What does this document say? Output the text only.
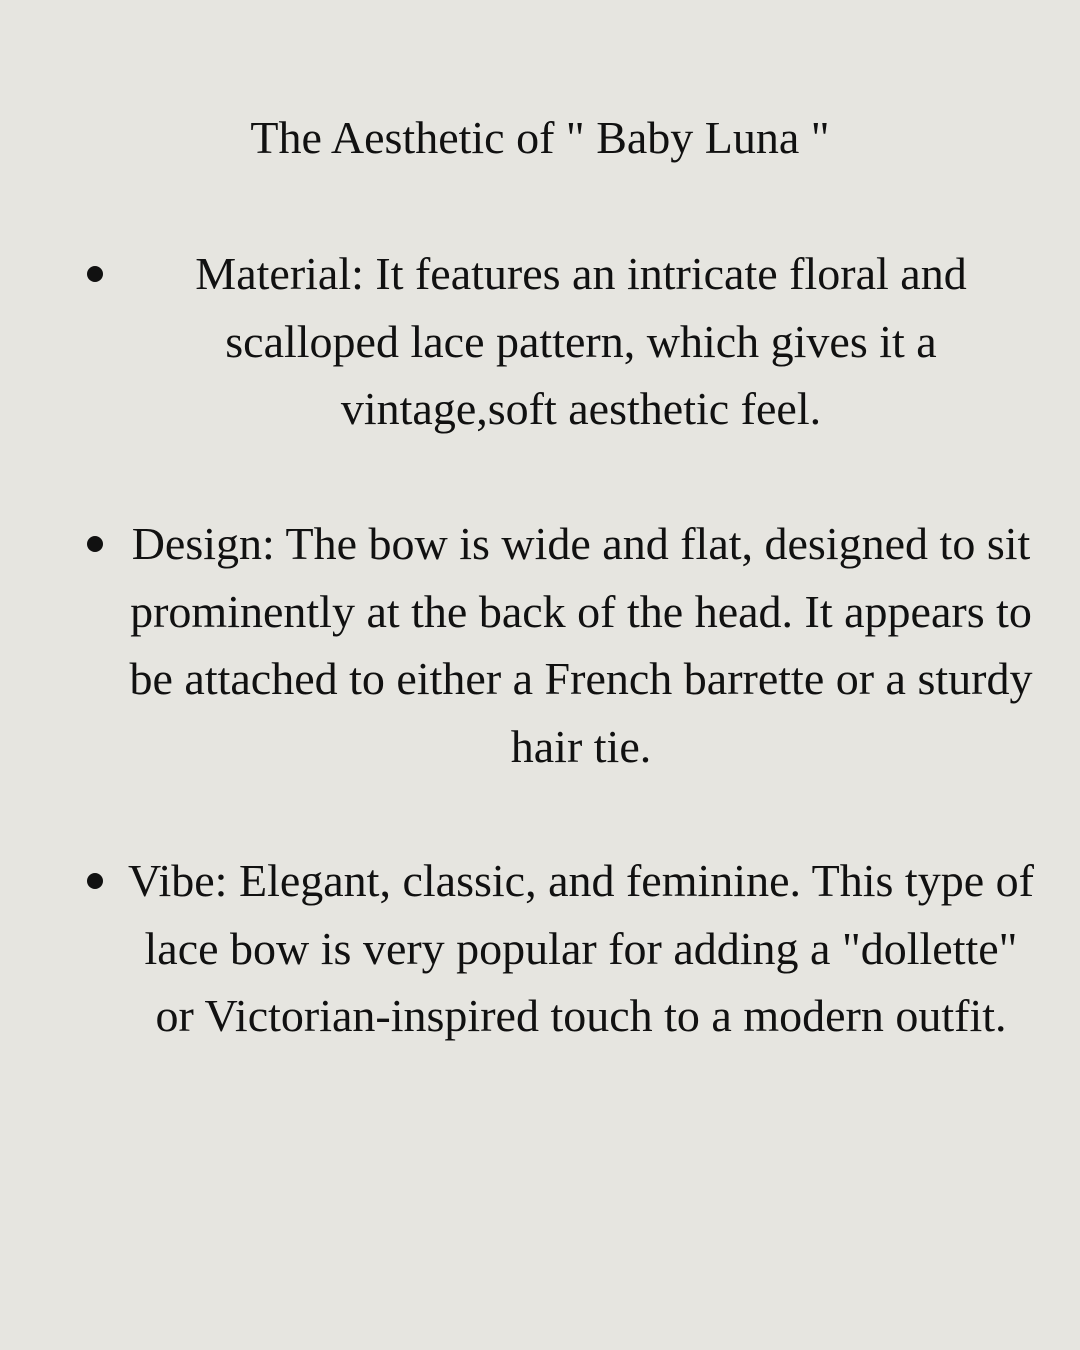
The Aesthetic of " Baby Luna "

Material: It features an intricate floral and scalloped lace pattern, which gives it a vintage,soft aesthetic feel.

Design: The bow is wide and flat, designed to sit prominently at the back of the head. It appears to be attached to either a French barrette or a sturdy hair tie.

Vibe: Elegant, classic, and feminine. This type of lace bow is very popular for adding a "dollette" or Victorian-inspired touch to a modern outfit.
